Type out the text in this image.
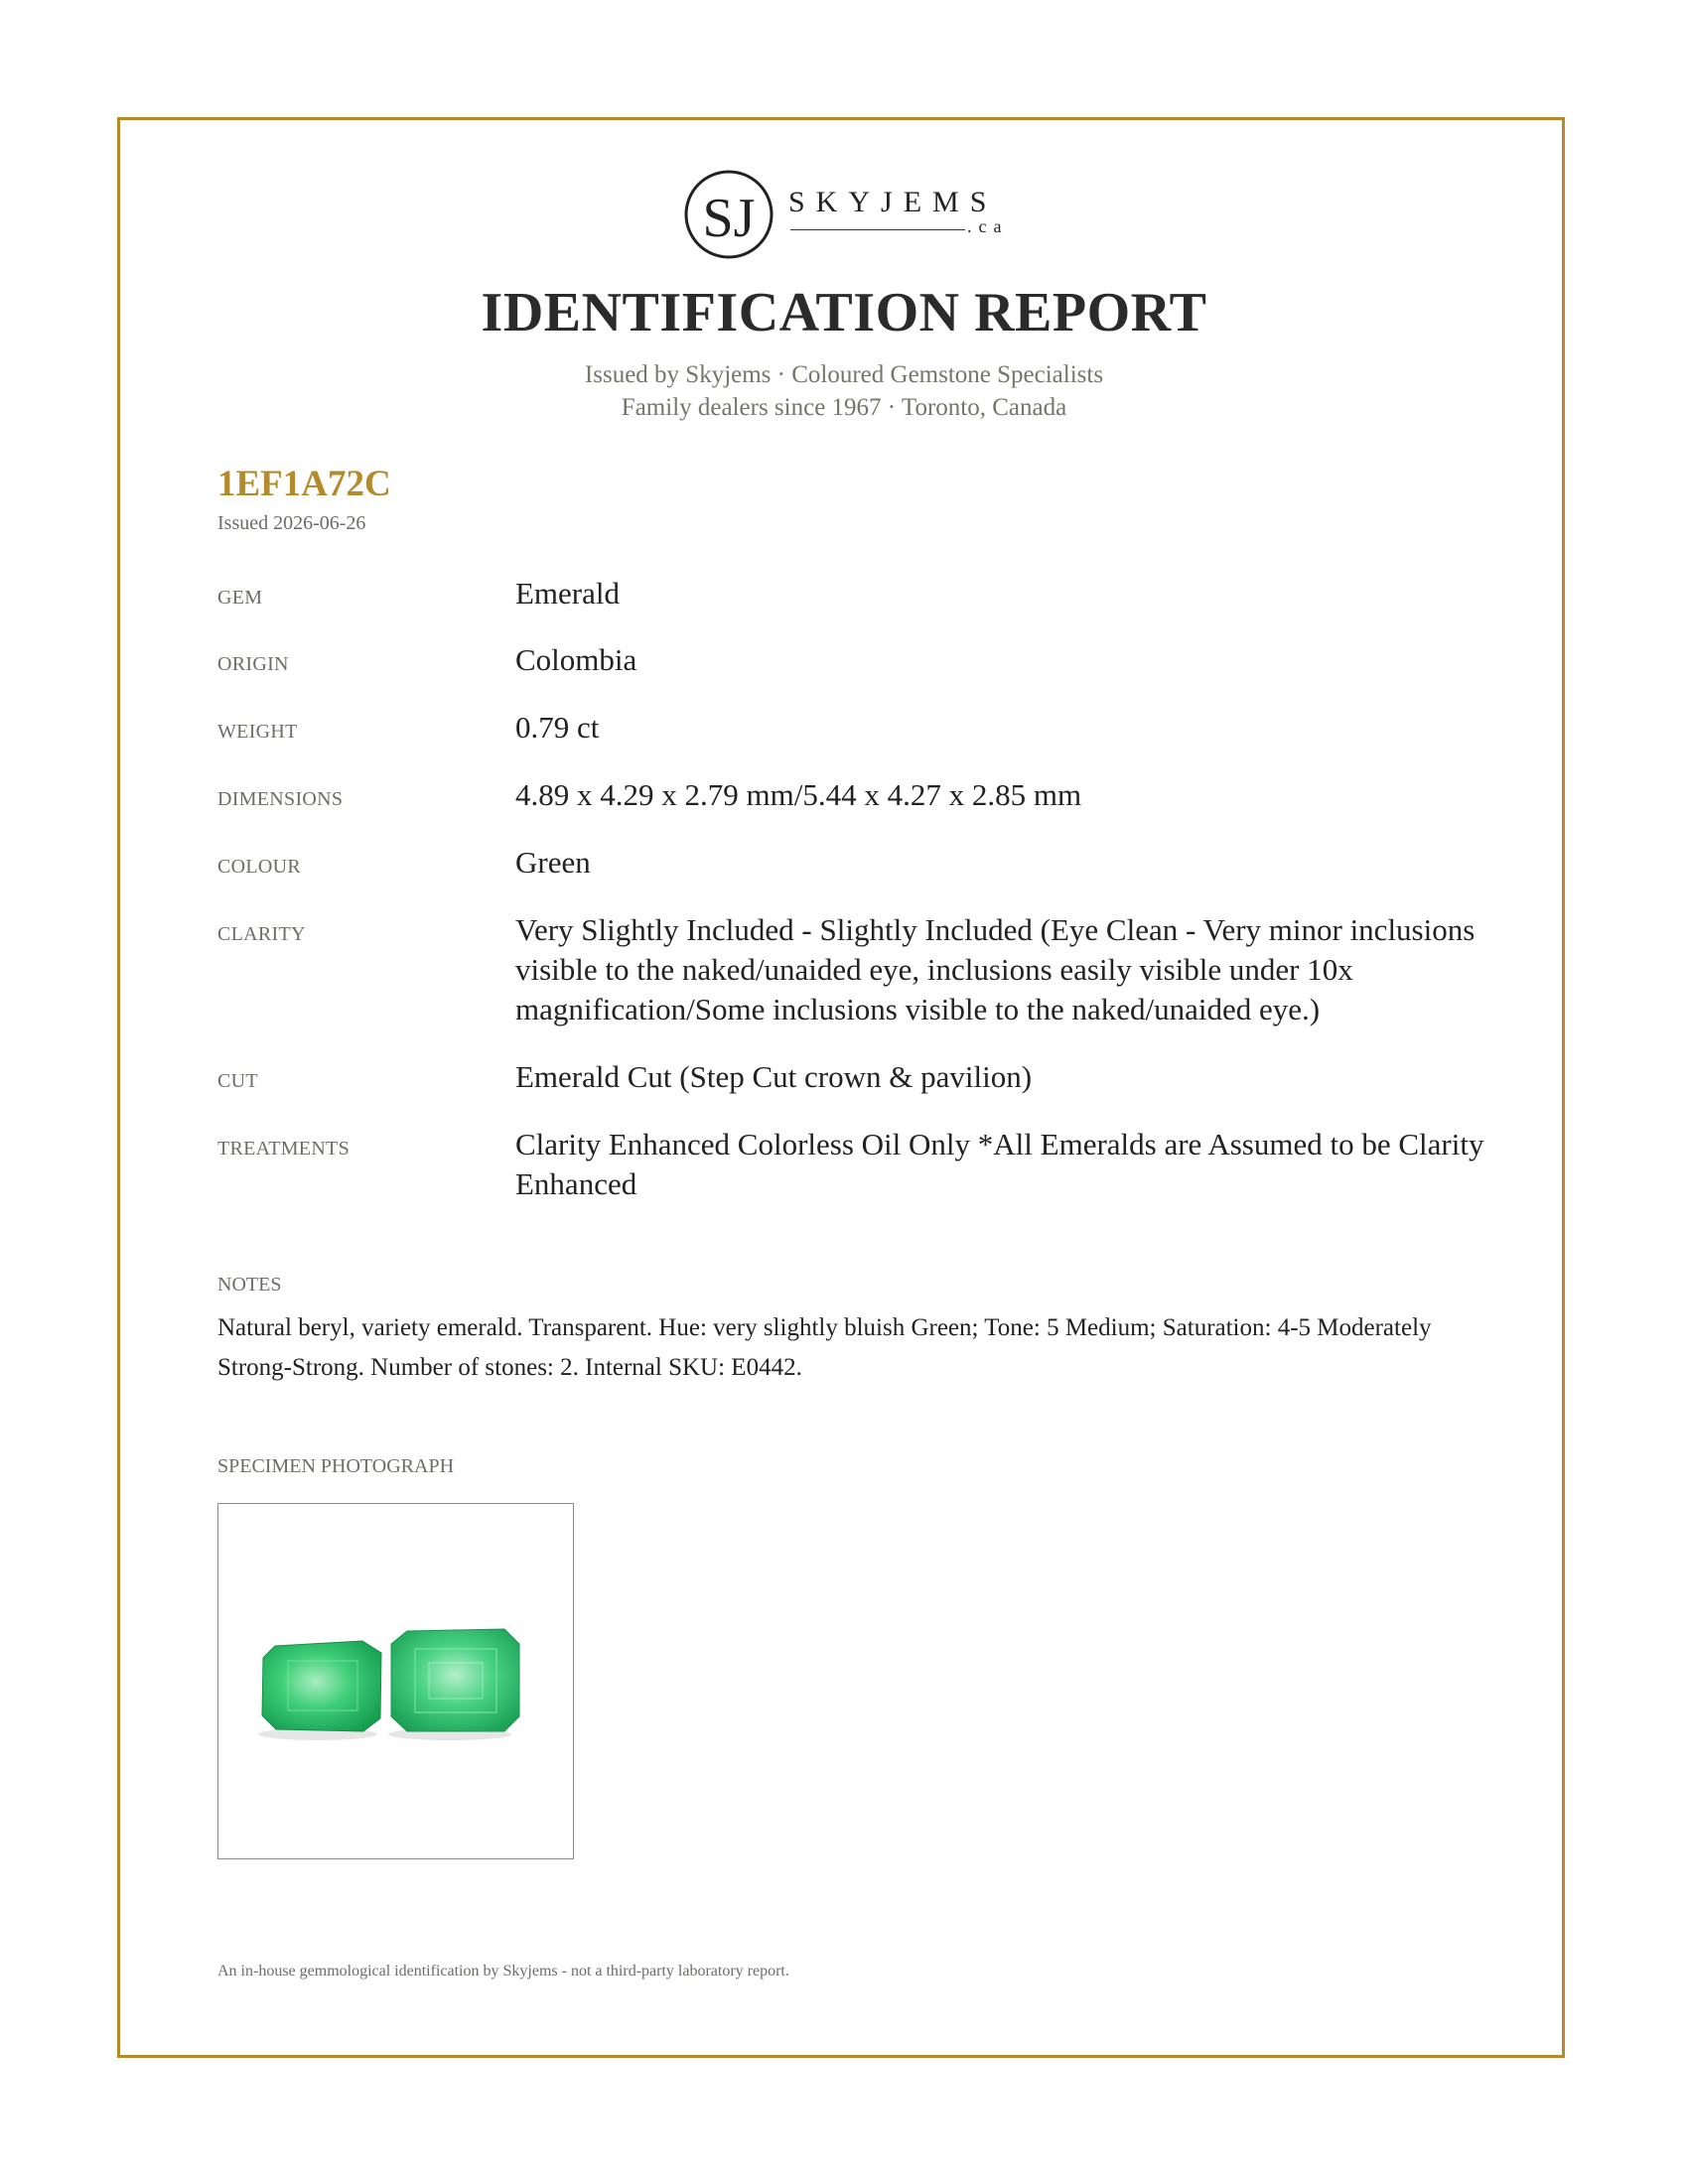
SJ SKYJEMS
.ca
IDENTIFICATION REPORT
Issued by Skyjems · Coloured Gemstone Specialists
Family dealers since 1967 · Toronto, Canada
1EF1A72C
Issued 2026-06-26
GEM	Emerald
ORIGIN	Colombia
WEIGHT	0.79 ct
DIMENSIONS	4.89 x 4.29 x 2.79 mm/5.44 x 4.27 x 2.85 mm
COLOUR	Green
CLARITY	Very Slightly Included - Slightly Included (Eye Clean - Very minor inclusions visible to the naked/unaided eye, inclusions easily visible under 10x magnification/Some inclusions visible to the naked/unaided eye.)
CUT	Emerald Cut (Step Cut crown & pavilion)
TREATMENTS	Clarity Enhanced Colorless Oil Only *All Emeralds are Assumed to be Clarity Enhanced
NOTES
Natural beryl, variety emerald. Transparent. Hue: very slightly bluish Green; Tone: 5 Medium; Saturation: 4-5 Moderately Strong-Strong. Number of stones: 2. Internal SKU: E0442.
SPECIMEN PHOTOGRAPH
An in-house gemmological identification by Skyjems - not a third-party laboratory report.
